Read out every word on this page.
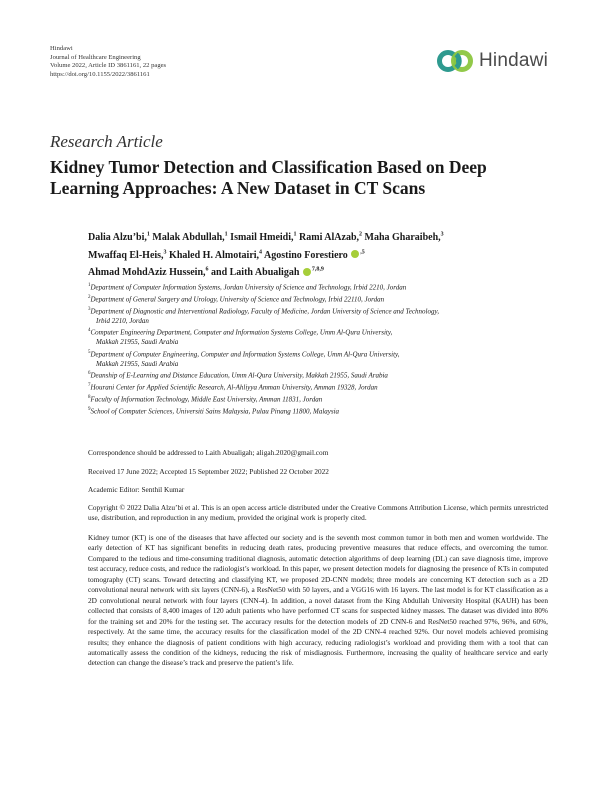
Hindawi
Journal of Healthcare Engineering
Volume 2022, Article ID 3861161, 22 pages
https://doi.org/10.1155/2022/3861161
Hindawi
Research Article
Kidney Tumor Detection and Classification Based on Deep Learning Approaches: A New Dataset in CT Scans
Dalia Alzu’bi,$^1$ Malak Abdullah,$^1$ Ismail Hmeidi,$^1$ Rami AlAzab,$^2$ Maha Gharaibeh,$^3$
Mwaffaq El-Heis,$^3$ Khaled H. Almotairi,$^4$ Agostino Forestiero $^{,5}$
Ahmad MohdAziz Hussein,$^6$ and Laith Abualigah $^{7,8,9}$
$^1$Department of Computer Information Systems, Jordan University of Science and Technology, Irbid 2210, Jordan
$^2$Department of General Surgery and Urology, University of Science and Technology, Irbid 22110, Jordan
$^3$Department of Diagnostic and Interventional Radiology, Faculty of Medicine, Jordan University of Science and Technology,
Irbid 2210, Jordan
$^4$Computer Engineering Department, Computer and Information Systems College, Umm Al-Qura University,
Makkah 21955, Saudi Arabia
$^5$Department of Computer Engineering, Computer and Information Systems College, Umm Al-Qura University,
Makkah 21955, Saudi Arabia
$^6$Deanship of E-Learning and Distance Education, Umm Al-Qura University, Makkah 21955, Saudi Arabia
$^7$Hourani Center for Applied Scientific Research, Al-Ahliyya Amman University, Amman 19328, Jordan
$^8$Faculty of Information Technology, Middle East University, Amman 11831, Jordan
$^9$School of Computer Sciences, Universiti Sains Malaysia, Pulau Pinang 11800, Malaysia
Correspondence should be addressed to Laith Abualigah; aligah.2020@gmail.com
Received 17 June 2022; Accepted 15 September 2022; Published 22 October 2022
Academic Editor: Senthil Kumar
Copyright © 2022 Dalia Alzu’bi et al. This is an open access article distributed under the Creative Commons Attribution License, which permits unrestricted use, distribution, and reproduction in any medium, provided the original work is properly cited.
Kidney tumor (KT) is one of the diseases that have affected our society and is the seventh most common tumor in both men and women worldwide. The early detection of KT has significant benefits in reducing death rates, producing preventive measures that reduce effects, and overcoming the tumor. Compared to the tedious and time-consuming traditional diagnosis, automatic detection algorithms of deep learning (DL) can save diagnosis time, improve test accuracy, reduce costs, and reduce the radiologist’s workload. In this paper, we present detection models for diagnosing the presence of KTs in computed tomography (CT) scans. Toward detecting and classifying KT, we proposed 2D-CNN models; three models are concerning KT detection such as a 2D convolutional neural network with six layers (CNN-6), a ResNet50 with 50 layers, and a VGG16 with 16 layers. The last model is for KT classification as a 2D convolutional neural network with four layers (CNN-4). In addition, a novel dataset from the King Abdullah University Hospital (KAUH) has been collected that consists of 8,400 images of 120 adult patients who have performed CT scans for suspected kidney masses. The dataset was divided into 80% for the training set and 20% for the testing set. The accuracy results for the detection models of 2D CNN-6 and ResNet50 reached 97%, 96%, and 60%, respectively. At the same time, the accuracy results for the classification model of the 2D CNN-4 reached 92%. Our novel models achieved promising results; they enhance the diagnosis of patient conditions with high accuracy, reducing radiologist’s workload and providing them with a tool that can automatically assess the condition of the kidneys, reducing the risk of misdiagnosis. Furthermore, increasing the quality of healthcare service and early detection can change the disease’s track and preserve the patient’s life.
